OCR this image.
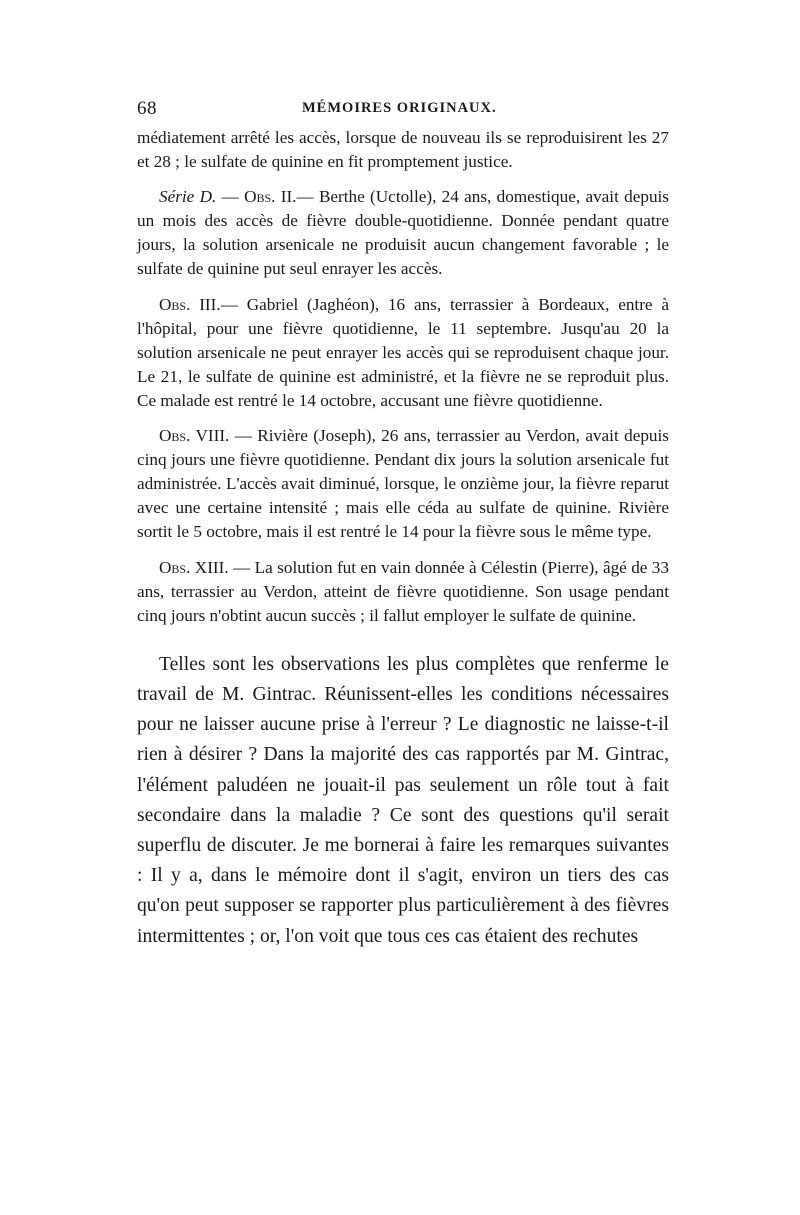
68	MÉMOIRES ORIGINAUX.

médiatement arrêté les accès, lorsque de nouveau ils se reproduisirent les 27 et 28 ; le sulfate de quinine en fit promptement justice.

Série D. — Obs. II.— Berthe (Uctolle), 24 ans, domestique, avait depuis un mois des accès de fièvre double-quotidienne. Donnée pendant quatre jours, la solution arsenicale ne produisit aucun changement favorable ; le sulfate de quinine put seul enrayer les accès.

Obs. III.— Gabriel (Jaghéon), 16 ans, terrassier à Bordeaux, entre à l'hôpital, pour une fièvre quotidienne, le 11 septembre. Jusqu'au 20 la solution arsenicale ne peut enrayer les accès qui se reproduisent chaque jour. Le 21, le sulfate de quinine est administré, et la fièvre ne se reproduit plus. Ce malade est rentré le 14 octobre, accusant une fièvre quotidienne.

Obs. VIII. — Rivière (Joseph), 26 ans, terrassier au Verdon, avait depuis cinq jours une fièvre quotidienne. Pendant dix jours la solution arsenicale fut administrée. L'accès avait diminué, lorsque, le onzième jour, la fièvre reparut avec une certaine intensité ; mais elle céda au sulfate de quinine. Rivière sortit le 5 octobre, mais il est rentré le 14 pour la fièvre sous le même type.

Obs. XIII. — La solution fut en vain donnée à Célestin (Pierre), âgé de 33 ans, terrassier au Verdon, atteint de fièvre quotidienne. Son usage pendant cinq jours n'obtint aucun succès ; il fallut employer le sulfate de quinine.

Telles sont les observations les plus complètes que renferme le travail de M. Gintrac. Réunissent-elles les conditions nécessaires pour ne laisser aucune prise à l'erreur ? Le diagnostic ne laisse-t-il rien à désirer ? Dans la majorité des cas rapportés par M. Gintrac, l'élément paludéen ne jouait-il pas seulement un rôle tout à fait secondaire dans la maladie ? Ce sont des questions qu'il serait superflu de discuter. Je me bornerai à faire les remarques suivantes : Il y a, dans le mémoire dont il s'agit, environ un tiers des cas qu'on peut supposer se rapporter plus particulièrement à des fièvres intermittentes ; or, l'on voit que tous ces cas étaient des rechutes
